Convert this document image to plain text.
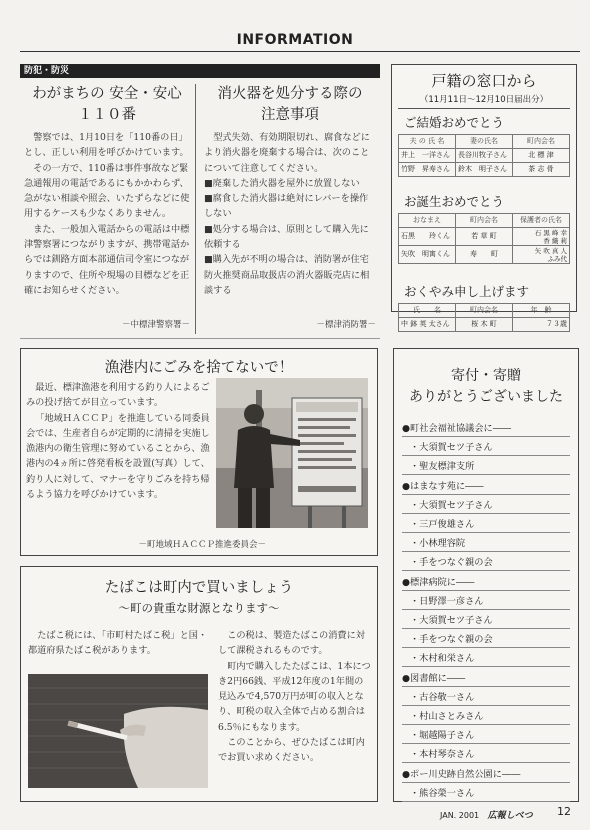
INFORMATION
防犯・防災
わがまちの 安全・安心
１１０番

警察では、1月10日を「110番の日」とし、正しい利用を呼びかけています。

その一方で、110番は事件事故など緊急通報用の電話であるにもかかわらず、急がない相談や照会、いたずらなどに使用するケースも少なくありません。

また、一般加入電話からの電話は中標津警察署につながりますが、携帯電話からでは釧路方面本部通信司令室につながりますので、住所や現場の目標などを正確にお知らせください。

－中標津警察署－
消火器を処分する際の
注意事項

型式失効、有効期限切れ、腐食などにより消火器を廃棄する場合は、次のことについて注意してください。

■廃棄した消火器を屋外に放置しない
■腐食した消火器は絶対にレバーを操作しない
■処分する場合は、原則として購入先に依頼する
■購入先が不明の場合は、消防署が住宅防火推奨商品取扱店の消火器販売店に相談する
－標津消防署－
戸籍の窓口から
（11月11日～12月10日届出分）
ご結婚おめでとう
夫 の 氏 名	妻の氏名	町内会名
井上　一洋さん	長谷川牧子さん	北 標 津
竹野　昇寿さん	鈴木　明子さん	茶 志 骨
お誕生おめでとう
おなまえ	町内会名	保護者の氏名
石黒　　玲くん	若 草 町	石 黒 峰 幸
香 織 莉
矢吹　明寓くん	寿　　町	矢 吹 真 人
ふみ代
おくやみ申し上げます
氏　　名	町内会名	年　齢
中 鉢 英 太さん	桜 木 町	７３歳
漁港内にごみを捨てないで！

最近、標津漁港を利用する釣り人によるごみの投げ捨てが目立っています。

「地域ＨＡＣＣＰ」を推進している同委員会では、生産者自らが定期的に清掃を実施し漁港内の衛生管理に努めていることから、漁港内の4ヵ所に啓発看板を設置(写真）して、釣り人に対して、マナーを守りごみを持ち帰るよう協力を呼びかけています。

－町地域ＨＡＣＣＰ推進委員会－
たばこは町内で買いましょう
～町の貴重な財源となります～

たばこ税には、「市町村たばこ税」と国・都道府県たばこ税があります。

この税は、製造たばこの消費に対して課税されるものです。

町内で購入したたばこは、1本につき2円66銭、平成12年度の1年間の見込みで4,570万円が町の収入となり、町税の収入全体で占める割合は6.5％にもなります。

このことから、ぜひたばこは町内でお買い求めください。

寄付・寄贈
ありがとうございました
●町社会福祉協議会に――
・大須賀セツ子さん
・聖友標津支所
●はまなす苑に――
・大須賀セツ子さん
・三戸俊雄さん
・小林理容院
・手をつなぐ親の会
●標津病院に――
・日野澤一彦さん
・大須賀セツ子さん
・手をつなぐ親の会
・木村和栄さん
●図書館に――
・古谷敬一さん
・村山さとみさん
・堀越陽子さん
・本村琴奈さん
●ポー川史跡自然公園に――
・熊谷榮一さん
JAN. 2001 広報しべつ 12
